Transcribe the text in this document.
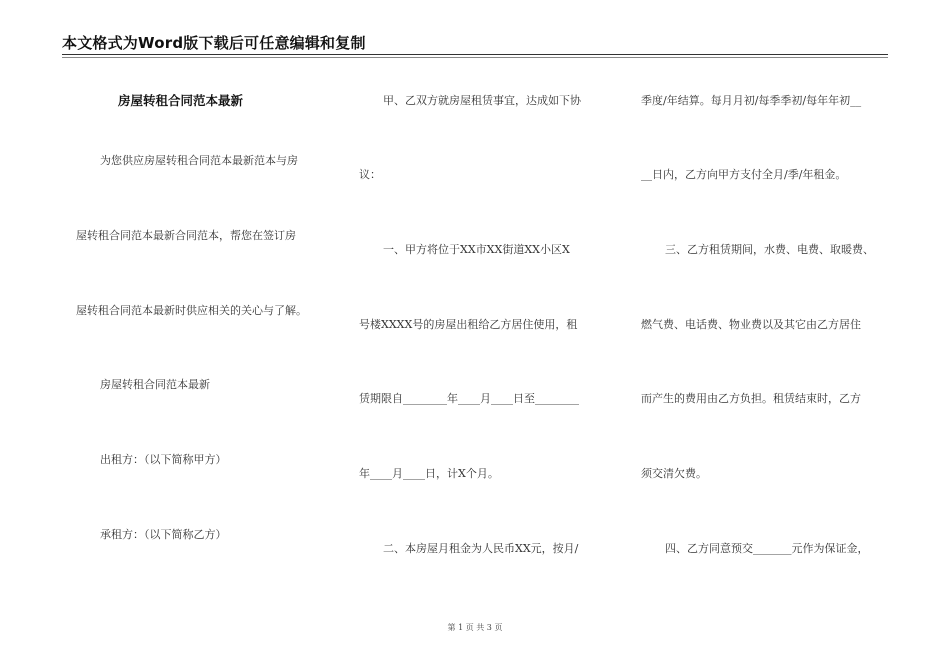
本文格式为Word版下载后可任意编辑和复制
房屋转租合同范本最新
为您供应房屋转租合同范本最新范本与房
屋转租合同范本最新合同范本，帮您在签订房
屋转租合同范本最新时供应相关的关心与了解。
房屋转租合同范本最新
出租方：（以下简称甲方）
承租方：（以下简称乙方）
甲、乙双方就房屋租赁事宜，达成如下协
议：
一、甲方将位于XX市XX街道XX小区X
号楼XXXX号的房屋出租给乙方居住使用，租
赁期限自________年____月____日至________
年____月____日，计X个月。
二、本房屋月租金为人民币XX元，按月/
季度/年结算。每月月初/每季季初/每年年初__
__日内，乙方向甲方支付全月/季/年租金。
三、乙方租赁期间，水费、电费、取暖费、
燃气费、电话费、物业费以及其它由乙方居住
而产生的费用由乙方负担。租赁结束时，乙方
须交清欠费。
四、乙方同意预交_______元作为保证金，
第 1 页 共 3 页
